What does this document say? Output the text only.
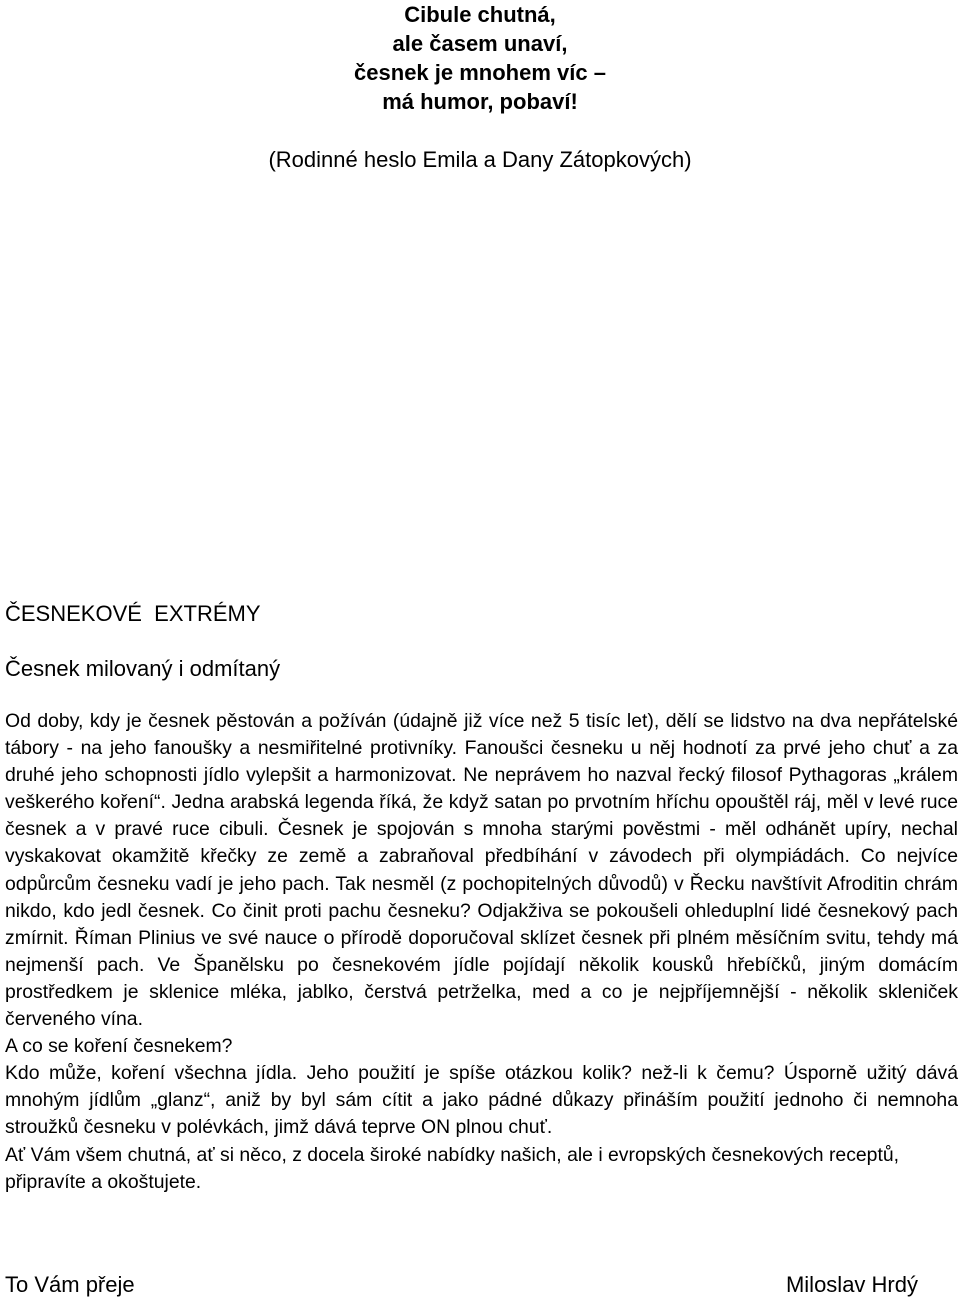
Cibule chutná,
ale časem unaví,
česnek je mnohem víc –
má humor, pobaví!
(Rodinné heslo Emila a Dany Zátopkových)
ČESNEKOVÉ  EXTRÉMY
Česnek milovaný i odmítaný

Od doby, kdy je česnek pěstován a požíván (údajně již více než 5 tisíc let), dělí se lidstvo na dva nepřátelské tábory - na jeho fanoušky a nesmiřitelné protivníky. Fanoušci česneku u něj hodnotí za prvé jeho chuť a za druhé jeho schopnosti jídlo vylepšit a harmonizovat. Ne neprávem ho nazval řecký filosof Pythagoras „králem veškerého koření“. Jedna arabská legenda říká, že když satan po prvotním hříchu opouštěl ráj, měl v levé ruce česnek a v pravé ruce cibuli. Česnek je spojován s mnoha starými pověstmi - měl odhánět upíry, nechal vyskakovat okamžitě křečky ze země a zabraňoval předbíhání v závodech při olympiádách. Co nejvíce odpůrcům česneku vadí je jeho pach. Tak nesměl (z pochopitelných důvodů) v Řecku navštívit Afroditin chrám nikdo, kdo jedl česnek. Co činit proti pachu česneku? Odjakživa se pokoušeli ohleduplní lidé česnekový pach zmírnit. Říman Plinius ve své nauce o přírodě doporučoval sklízet česnek při plném měsíčním svitu, tehdy má nejmenší pach. Ve Španělsku po česnekovém jídle pojídají několik kousků hřebíčků, jiným domácím prostředkem je sklenice mléka, jablko, čerstvá petrželka, med a co je nejpříjemnější - několik skleniček červeného vína.

A co se koření česnekem?

Kdo může, koření všechna jídla. Jeho použití je spíše otázkou kolik? než-li k čemu? Úsporně užitý dává mnohým jídlům „glanz“, aniž by byl sám cítit a jako pádné důkazy přináším použití jednoho či nemnoha stroužků česneku v polévkách, jimž dává teprve ON plnou chuť.

Ať Vám všem chutná, ať si něco, z docela široké nabídky našich, ale i evropských česnekových receptů, připravíte a okoštujete.

To Vám přeje	Miloslav Hrdý
